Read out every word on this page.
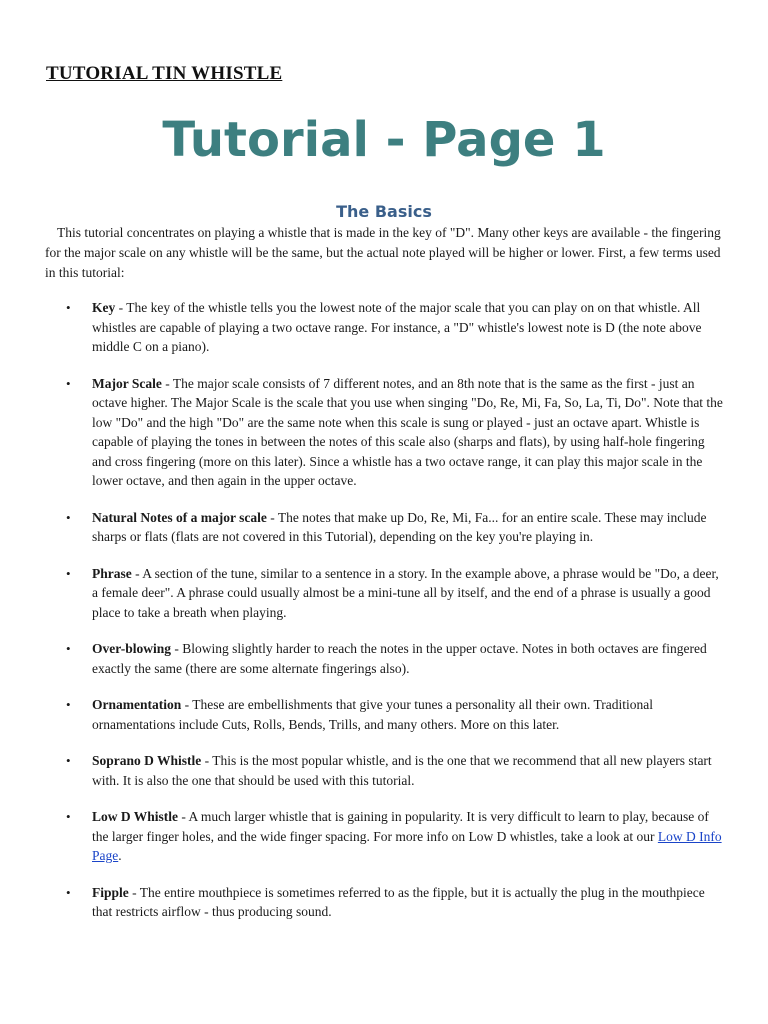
TUTORIAL TIN WHISTLE
Tutorial - Page 1
The Basics

This tutorial concentrates on playing a whistle that is made in the key of "D". Many other keys are available - the fingering for the major scale on any whistle will be the same, but the actual note played will be higher or lower. First, a few terms used in this tutorial:

• Key - The key of the whistle tells you the lowest note of the major scale that you can play on on that whistle. All whistles are capable of playing a two octave range. For instance, a "D" whistle's lowest note is D (the note above middle C on a piano).
• Major Scale - The major scale consists of 7 different notes, and an 8th note that is the same as the first - just an octave higher. The Major Scale is the scale that you use when singing "Do, Re, Mi, Fa, So, La, Ti, Do". Note that the low "Do" and the high "Do" are the same note when this scale is sung or played - just an octave apart. Whistle is capable of playing the tones in between the notes of this scale also (sharps and flats), by using half-hole fingering and cross fingering (more on this later). Since a whistle has a two octave range, it can play this major scale in the lower octave, and then again in the upper octave.
• Natural Notes of a major scale - The notes that make up Do, Re, Mi, Fa... for an entire scale. These may include sharps or flats (flats are not covered in this Tutorial), depending on the key you're playing in.
• Phrase - A section of the tune, similar to a sentence in a story. In the example above, a phrase would be "Do, a deer, a female deer". A phrase could usually almost be a mini-tune all by itself, and the end of a phrase is usually a good place to take a breath when playing.
• Over-blowing - Blowing slightly harder to reach the notes in the upper octave. Notes in both octaves are fingered exactly the same (there are some alternate fingerings also).
• Ornamentation - These are embellishments that give your tunes a personality all their own. Traditional ornamentations include Cuts, Rolls, Bends, Trills, and many others. More on this later.
• Soprano D Whistle - This is the most popular whistle, and is the one that we recommend that all new players start with. It is also the one that should be used with this tutorial.
• Low D Whistle - A much larger whistle that is gaining in popularity. It is very difficult to learn to play, because of the larger finger holes, and the wide finger spacing. For more info on Low D whistles, take a look at our Low D Info Page.
• Fipple - The entire mouthpiece is sometimes referred to as the fipple, but it is actually the plug in the mouthpiece that restricts airflow - thus producing sound.
